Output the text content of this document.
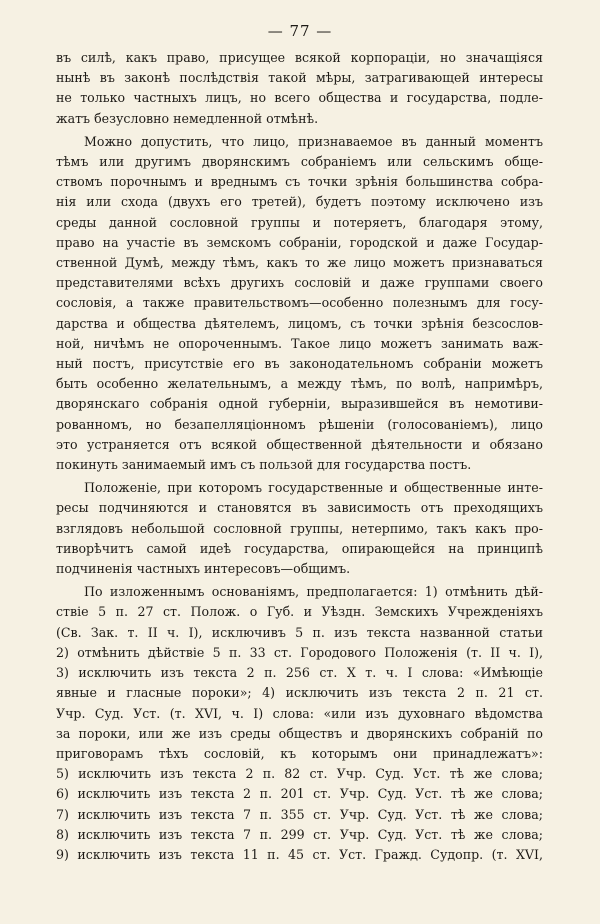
— 77 —
въ силѣ, какъ право, присущее всякой корпораціи, но значащіяся
нынѣ въ законѣ послѣдствія такой мѣры, затрагивающей интересы
не только частныхъ лицъ, но всего общества и государства, подле-
жатъ безусловно немедленной отмѣнѣ.
Можно допустить, что лицо, признаваемое въ данный моментъ
тѣмъ или другимъ дворянскимъ собраніемъ или сельскимъ обще-
ствомъ порочнымъ и вреднымъ съ точки зрѣнія большинства собра-
нія или схода (двухъ его третей), будетъ поэтому исключено изъ
среды данной сословной группы и потеряетъ, благодаря этому,
право на участіе въ земскомъ собраніи, городской и даже Государ-
ственной Думѣ, между тѣмъ, какъ то же лицо можетъ признаваться
представителями всѣхъ другихъ сословій и даже группами своего
сословія, а также правительствомъ—особенно полезнымъ для госу-
дарства и общества дѣятелемъ, лицомъ, съ точки зрѣнія безсослов-
ной, ничѣмъ не опороченнымъ. Такое лицо можетъ занимать важ-
ный постъ, присутствіе его въ законодательномъ собраніи можетъ
быть особенно желательнымъ, а между тѣмъ, по волѣ, напримѣръ,
дворянскаго собранія одной губерніи, выразившейся въ немотиви-
рованномъ, но безапелляціонномъ рѣшеніи (голосованіемъ), лицо
это устраняется отъ всякой общественной дѣятельности и обязано
покинуть занимаемый имъ съ пользой для государства постъ.
Положеніе, при которомъ государственные и общественные инте-
ресы подчиняются и становятся въ зависимость отъ преходящихъ
взглядовъ небольшой сословной группы, нетерпимо, такъ какъ про-
тиворѣчитъ самой идеѣ государства, опирающейся на принципѣ
подчиненія частныхъ интересовъ—общимъ.
По изложеннымъ основаніямъ, предполагается: 1) отмѣнить дѣй-
ствіе 5 п. 27 ст. Полож. о Губ. и Уѣздн. Земскихъ Учрежденіяхъ
(Св. Зак. т. II ч. I), исключивъ 5 п. изъ текста названной статьи
2) отмѣнить дѣйствіе 5 п. 33 ст. Городового Положенія (т. II ч. I),
3) исключить изъ текста 2 п. 256 ст. X т. ч. I слова: «Имѣющіе
явные и гласные пороки»; 4) исключить изъ текста 2 п. 21 ст.
Учр. Суд. Уст. (т. XVI, ч. I) слова: «или изъ духовнаго вѣдомства
за пороки, или же изъ среды обществъ и дворянскихъ собраній по
приговорамъ тѣхъ сословій, къ которымъ они принадлежатъ»:
5) исключить изъ текста 2 п. 82 ст. Учр. Суд. Уст. тѣ же слова;
6) исключить изъ текста 2 п. 201 ст. Учр. Суд. Уст. тѣ же слова;
7) исключить изъ текста 7 п. 355 ст. Учр. Суд. Уст. тѣ же слова;
8) исключить изъ текста 7 п. 299 ст. Учр. Суд. Уст. тѣ же слова;
9) исключить изъ текста 11 п. 45 ст. Уст. Гражд. Судопр. (т. XVI,
